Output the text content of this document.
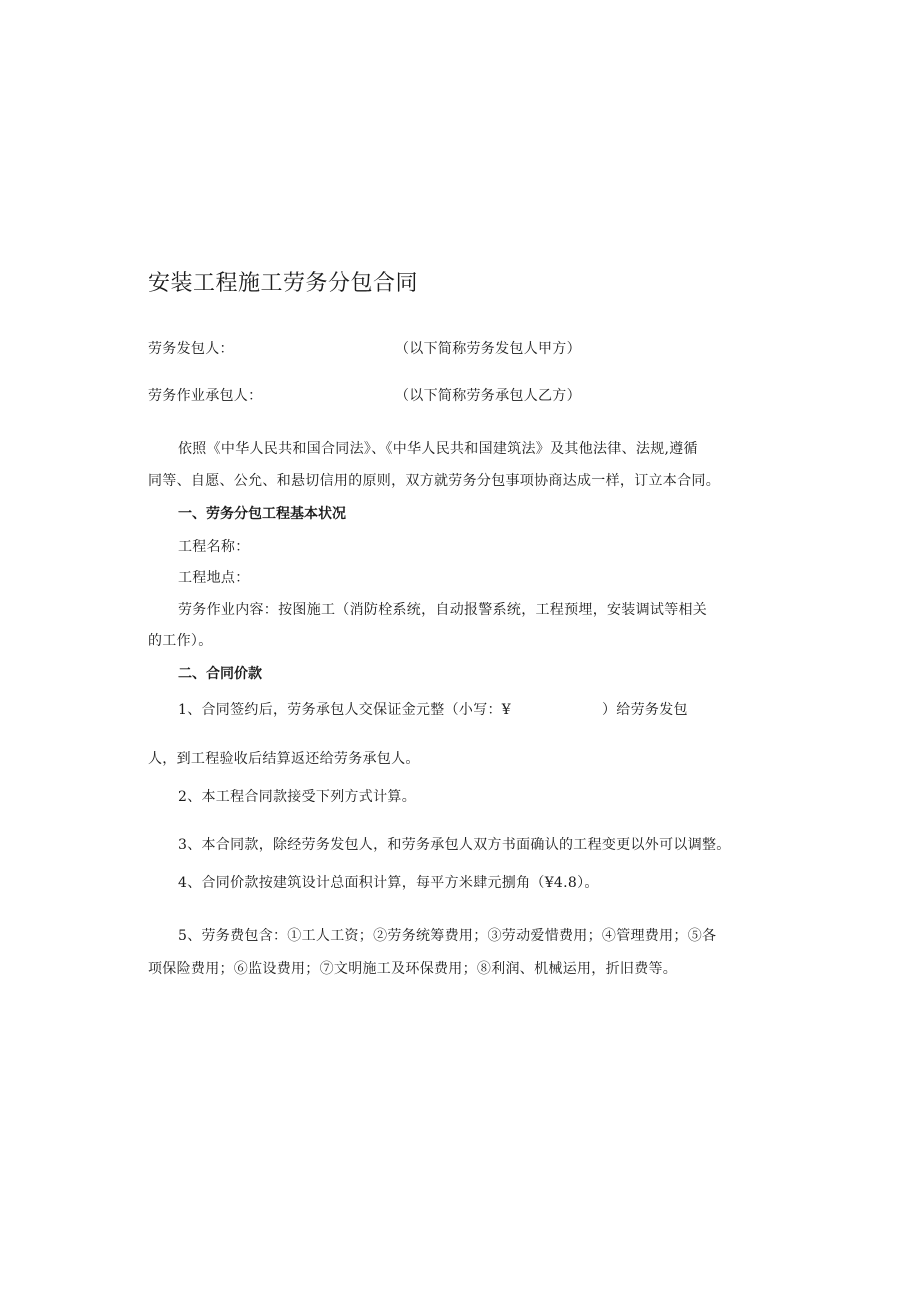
安装工程施工劳务分包合同
劳务发包人：	（以下简称劳务发包人甲方）
劳务作业承包人：	（以下简称劳务承包人乙方）
依照《中华人民共和国合同法》、《中华人民共和国建筑法》及其他法律、法规,遵循
同等、自愿、公允、和悬切信用的原则，双方就劳务分包事项协商达成一样，订立本合同。
一、劳务分包工程基本状况
工程名称：
工程地点：
劳务作业内容：按图施工（消防栓系统，自动报警系统，工程预埋，安装调试等相关
的工作）。
二、合同价款
1、合同签约后，劳务承包人交保证金元整（小写：¥	）给劳务发包
人，到工程验收后结算返还给劳务承包人。
2、本工程合同款接受下列方式计算。
3、本合同款，除经劳务发包人，和劳务承包人双方书面确认的工程变更以外可以调整。
4、合同价款按建筑设计总面积计算，每平方米肆元捌角（¥4.8）。
5、劳务费包含：①工人工资；②劳务统筹费用；③劳动爱惜费用；④管理费用；⑤各
项保险费用；⑥监设费用；⑦文明施工及环保费用；⑧利润、机械运用，折旧费等。
